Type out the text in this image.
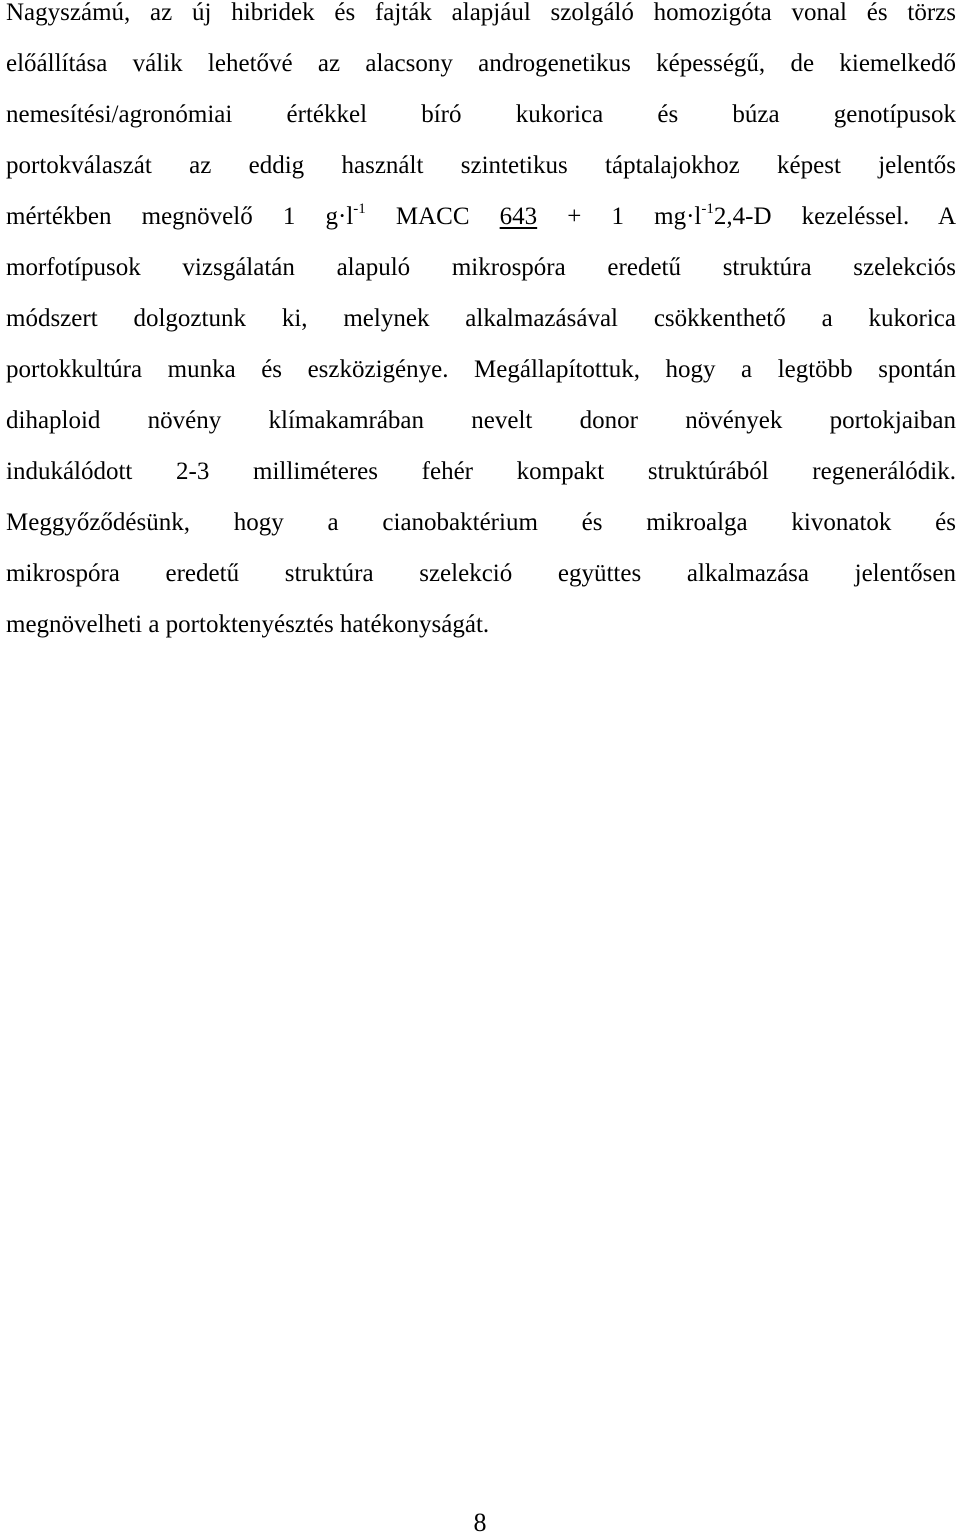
Nagyszámú, az új hibridek és fajták alapjául szolgáló homozigóta vonal és törzs
előállítása válik lehetővé az alacsony androgenetikus képességű, de kiemelkedő
nemesítési/agronómiai értékkel bíró kukorica és búza genotípusok
portokválaszát az eddig használt szintetikus táptalajokhoz képest jelentős
mértékben megnövelő 1 $g\cdot l^{-1}$ MACC 643 + 1 $mg\cdot l^{-1}2,4-D$ kezeléssel. A
morfotípusok vizsgálatán alapuló mikrospóra eredetű struktúra szelekciós
módszert dolgoztunk ki, melynek alkalmazásával csökkenthető a kukorica
portokkultúra munka és eszközigénye. Megállapítottuk, hogy a legtöbb spontán
dihaploid növény klímakamrában nevelt donor növények portokjaiban
indukálódott 2-3 milliméteres fehér kompakt struktúrából regenerálódik.
Meggyőződésünk, hogy a cianobaktérium és mikroalga kivonatok és
mikrospóra eredetű struktúra szelekció együttes alkalmazása jelentősen
megnövelheti a portoktenyésztés hatékonyságát.
8
